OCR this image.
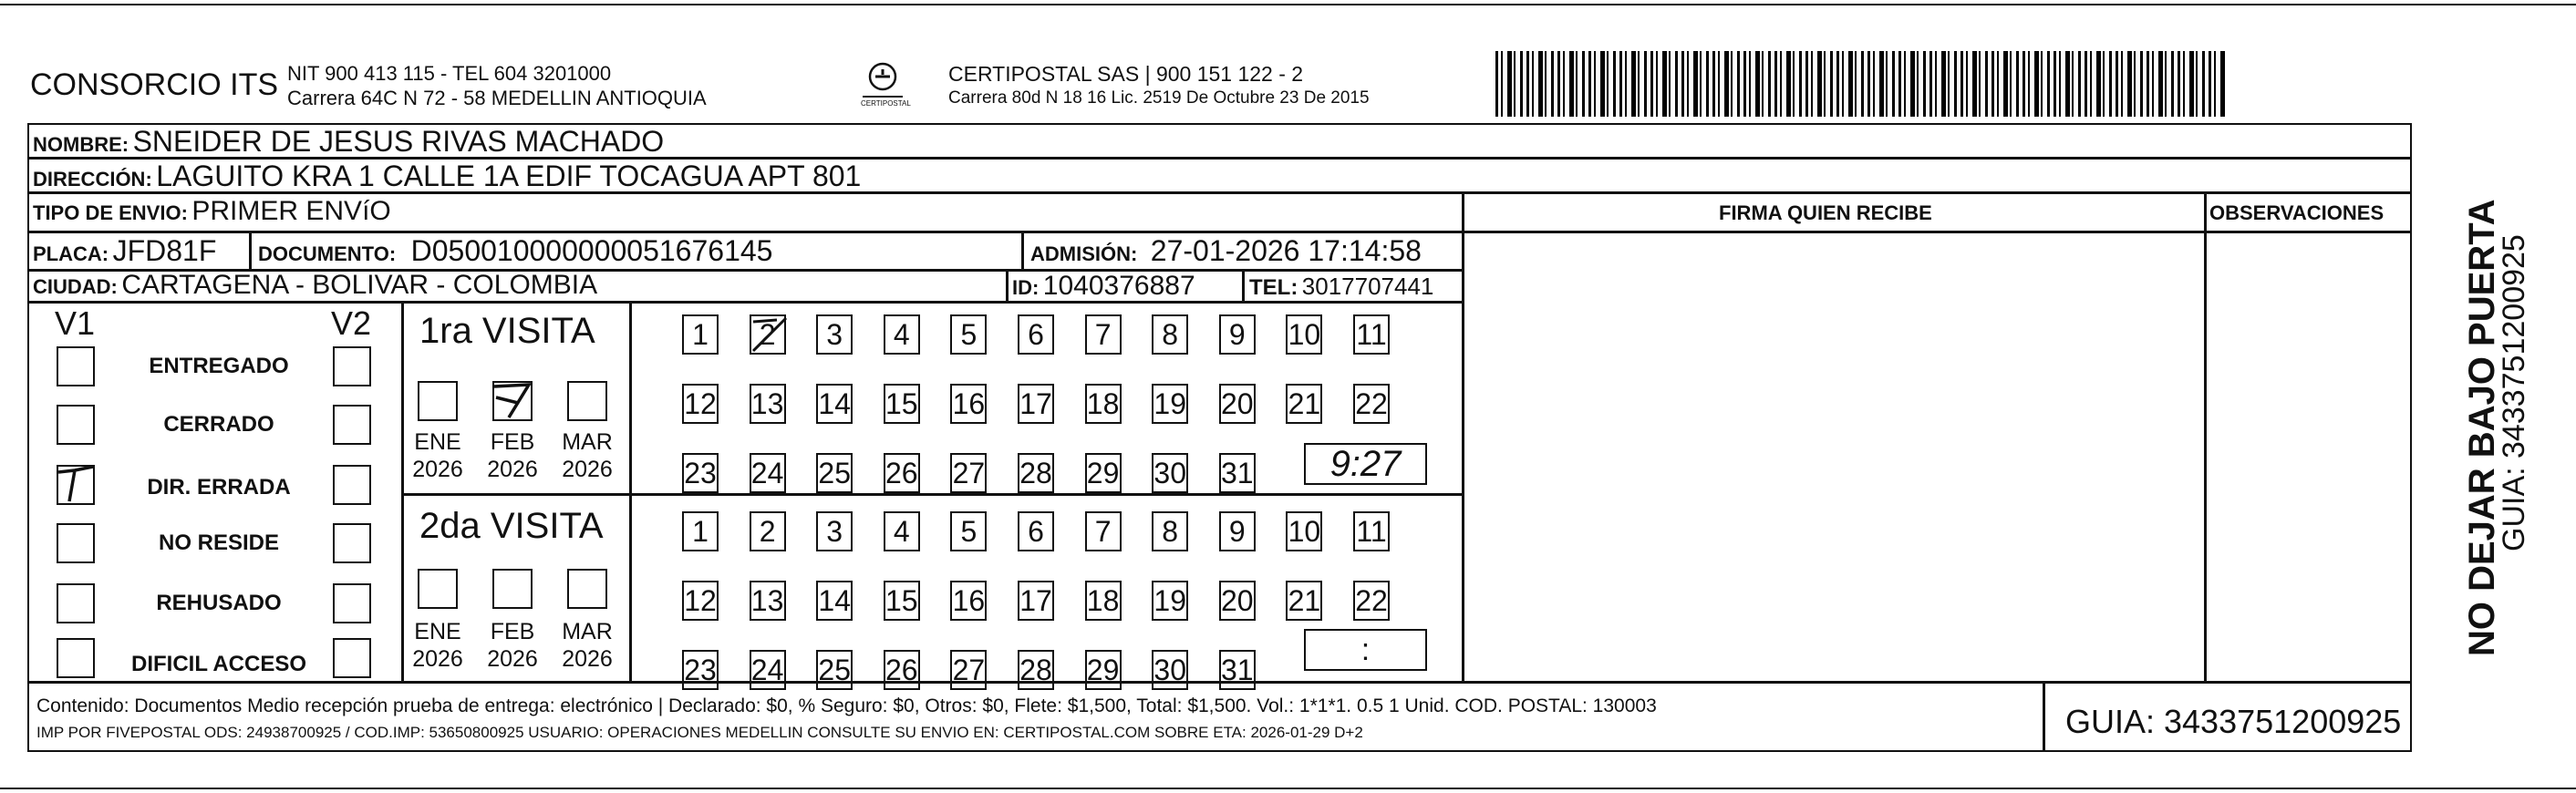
CONSORCIO ITS NIT 900 413 115 - TEL 604 3201000
Carrera 64C N 72 - 58 MEDELLIN ANTIOQUIA	CERTIPOSTAL
CERTIPOSTAL SAS | 900 151 122 - 2
Carrera 80d N 18 16 Lic. 2519 De Octubre 23 De 2015
NOMBRE: SNEIDER DE JESUS RIVAS MACHADO
DIRECCIÓN: LAGUITO KRA 1 CALLE 1A EDIF TOCAGUA APT 801
TIPO DE ENVIO: PRIMER ENVíO	FIRMA QUIEN RECIBE	OBSERVACIONES
PLACA: JFD81F DOCUMENTO: D050010000000051676145	ADMISIÓN: 27-01-2026 17:14:58
CIUDAD: CARTAGENA - BOLIVAR - COLOMBIA	ID: 1040376887 TEL: 3017707441
V1	V2
ENTREGADO
CERRADO
DIR. ERRADA
NO RESIDE
REHUSADO
DIFICIL ACCESO
1ra VISITA
ENE
2026
FEB
2026
MAR
2026
1	2	3	4	5	6	7	8	9	10 11
12 13 14 15 16 17 18 19 20 21 22
23 24 25 26 27 28 29 30 31	9:27
2da VISITA
ENE
2026
FEB
2026
MAR
2026
1	2	3	4	5	6	7	8	9	10 11
12 13 14 15 16 17 18 19 20 21 22
23 24 25 26 27 28 29 30 31
:
Contenido: Documentos Medio recepción prueba de entrega: electrónico | Declarado: $0, % Seguro: $0, Otros: $0, Flete: $1,500, Total: $1,500. Vol.: 1*1*1. 0.5 1 Unid. COD. POSTAL: 130003
IMP POR FIVEPOSTAL ODS: 24938700925 / COD.IMP: 53650800925 USUARIO: OPERACIONES MEDELLIN CONSULTE SU ENVIO EN: CERTIPOSTAL.COM SOBRE ETA: 2026-01-29 D+2	GUIA: 3433751200925
NO DEJAR BAJO PUERTA
GUIA: 3433751200925
